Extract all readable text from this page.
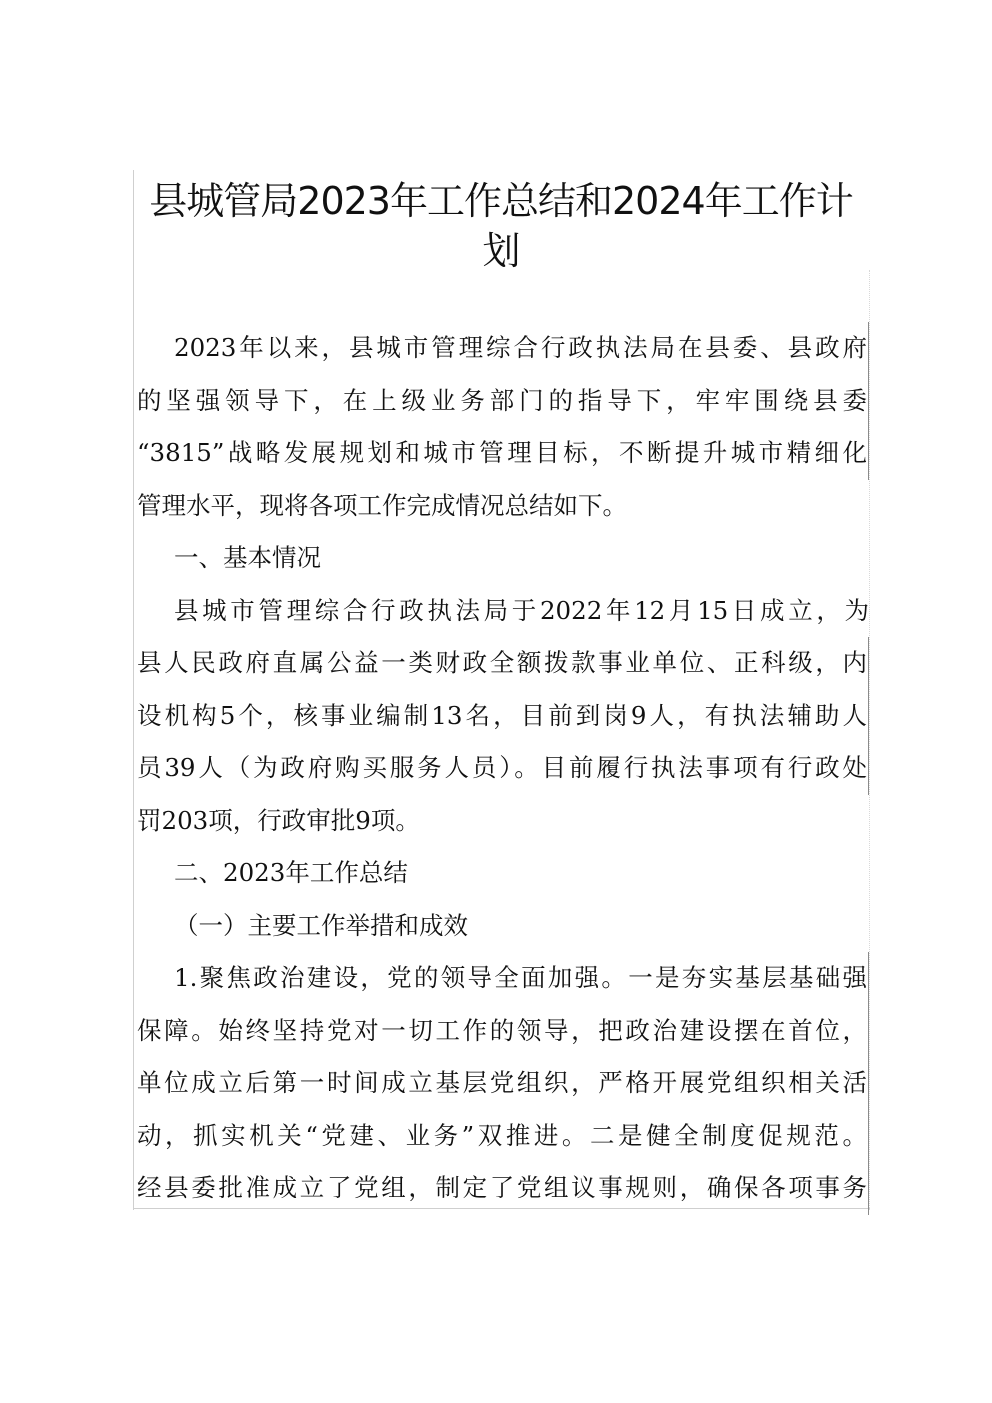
县城管局2023年工作总结和2024年工作计
划
2023年以来，县城市管理综合行政执法局在县委、县政府
的坚强领导下，在上级业务部门的指导下，牢牢围绕县委
“3815”战略发展规划和城市管理目标，不断提升城市精细化
管理水平，现将各项工作完成情况总结如下。
一、基本情况
县城市管理综合行政执法局于2022年12月15日成立，为
县人民政府直属公益一类财政全额拨款事业单位、正科级，内
设机构5个，核事业编制13名，目前到岗9人，有执法辅助人
员39人（为政府购买服务人员）。目前履行执法事项有行政处
罚203项，行政审批9项。
二、2023年工作总结
（一）主要工作举措和成效
1.聚焦政治建设，党的领导全面加强。一是夯实基层基础强
保障。始终坚持党对一切工作的领导，把政治建设摆在首位，
单位成立后第一时间成立基层党组织，严格开展党组织相关活
动，抓实机关“党建、业务”双推进。二是健全制度促规范。
经县委批准成立了党组，制定了党组议事规则，确保各项事务
